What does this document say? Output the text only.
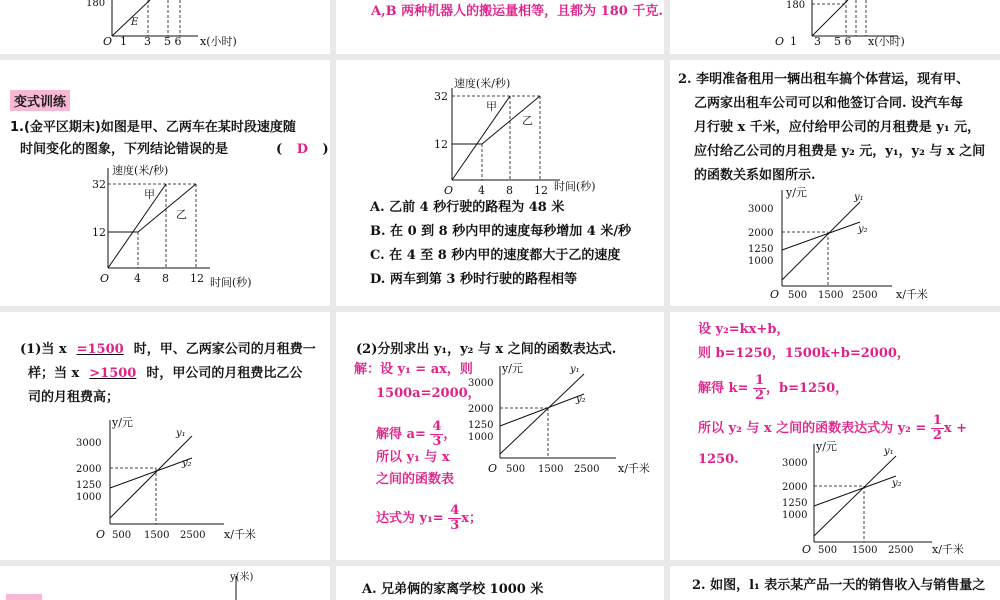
180
E
O 1 3 5 6 x(小时)
A,B 两种机器人的搬运量相等，且都为 180 千克.	180
O 1 3 5 6 x(小时)
变式训练
1.(金平区期末)如图是甲、乙两车在某时段速度随
时间变化的图象，下列结论错误的是	( D )
速度(米/秒)
32
12
O 4 8 12 时间(秒)
甲
乙
速度(米/秒)
32
12
O 4 8 12 时间(秒)
甲
乙
A. 乙前 4 秒行驶的路程为 48 米
B. 在 0 到 8 秒内甲的速度每秒增加 4 米/秒
C. 在 4 至 8 秒内甲的速度都大于乙的速度
D. 两车到第 3 秒时行驶的路程相等
2. 李明准备租用一辆出租车搞个体营运，现有甲、
乙两家出租车公司可以和他签订合同. 设汽车每
月行驶 x 千米，应付给甲公司的月租费是 y₁ 元，
应付给乙公司的月租费是 y₂ 元，y₁，y₂ 与 x 之间
的函数关系如图所示.
y/元
3000
2000
1250
1000
O 500 1500 2500 x/千米
y₁
y₂
(1)当 x =1500 时，甲、乙两家公司的月租费一
样；当 x >1500 时，甲公司的月租费比乙公
司的月租费高；
y/元
3000
2000
1250
1000
O 500 1500 2500 x/千米
y₁
y₂
(2)分别求出 y₁，y₂ 与 x 之间的函数表达式.
解：设 y₁ = ax，则
1500a=2000，
解得 $a= \frac{4}{3}$ ，
所以 y₁ 与 x
之间的函数表
达式为 $y_1= \frac{4}{3}$ x；
y/元
3000
2000
1250
1000
O 500 1500 2500 x/千米
y₁
y₂
设 y₂=kx+b，
则 b=1250，1500k+b=2000，
解得 $k= \frac{1}{2}$ ，b=1250，
所以 y₂ 与 x 之间的函数表达式为 $y_2 = \frac{1}{2}$ x +
1250.
y/元
3000
2000
1250
1000
O 500 1500 2500 x/千米
y₁
y₂
y(米)
A. 兄弟俩的家离学校 1000 米	2. 如图，l₁ 表示某产品一天的销售收入与销售量之
